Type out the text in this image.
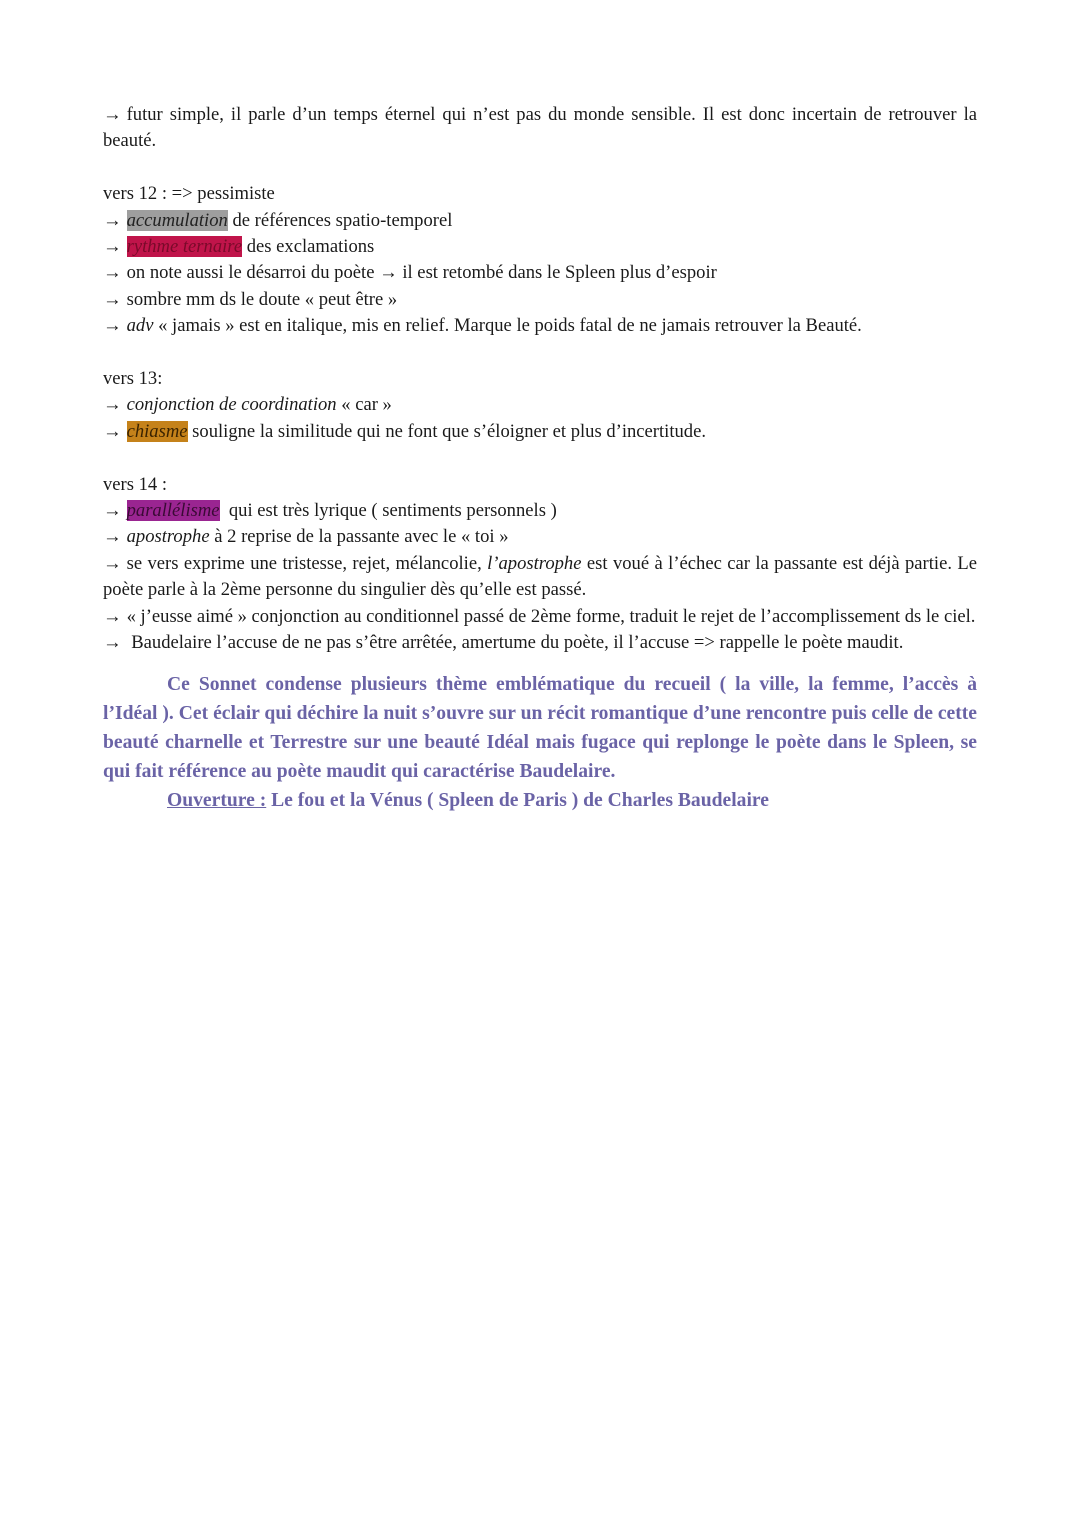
→ futur simple, il parle d’un temps éternel qui n’est pas du monde sensible. Il est donc incertain de retrouver la beauté.
vers 12 : => pessimiste
→ accumulation de références spatio-temporel
→ rythme ternaire des exclamations
→ on note aussi le désarroi du poète → il est retombé dans le Spleen plus d’espoir
→ sombre mm ds le doute « peut être »
→ adv « jamais » est en italique, mis en relief. Marque le poids fatal de ne jamais retrouver la Beauté.
vers 13:
→ conjonction de coordination « car »
→ chiasme souligne la similitude qui ne font que s’éloigner et plus d’incertitude.
vers 14 :
→ parallélisme  qui est très lyrique ( sentiments personnels )
→ apostrophe à 2 reprise de la passante avec le « toi »
→ se vers exprime une tristesse, rejet, mélancolie, l’apostrophe est voué à l’échec car la passante est déjà partie. Le poète parle à la 2ème personne du singulier dès qu’elle est passé.
→ « j’eusse aimé » conjonction au conditionnel passé de 2ème forme, traduit le rejet de l’accomplissement ds le ciel.
→ Baudelaire l’accuse de ne pas s’être arrêtée, amertume du poète, il l’accuse => rappelle le poète maudit.
Ce Sonnet condense plusieurs thème emblématique du recueil ( la ville, la femme, l’accès à l’Idéal ). Cet éclair qui déchire la nuit s’ouvre sur un récit romantique d’une rencontre puis celle de cette beauté charnelle et Terrestre sur une beauté Idéal mais fugace qui replonge le poète dans le Spleen, se qui fait référence au poète maudit qui caractérise Baudelaire.
Ouverture : Le fou et la Vénus ( Spleen de Paris ) de Charles Baudelaire
